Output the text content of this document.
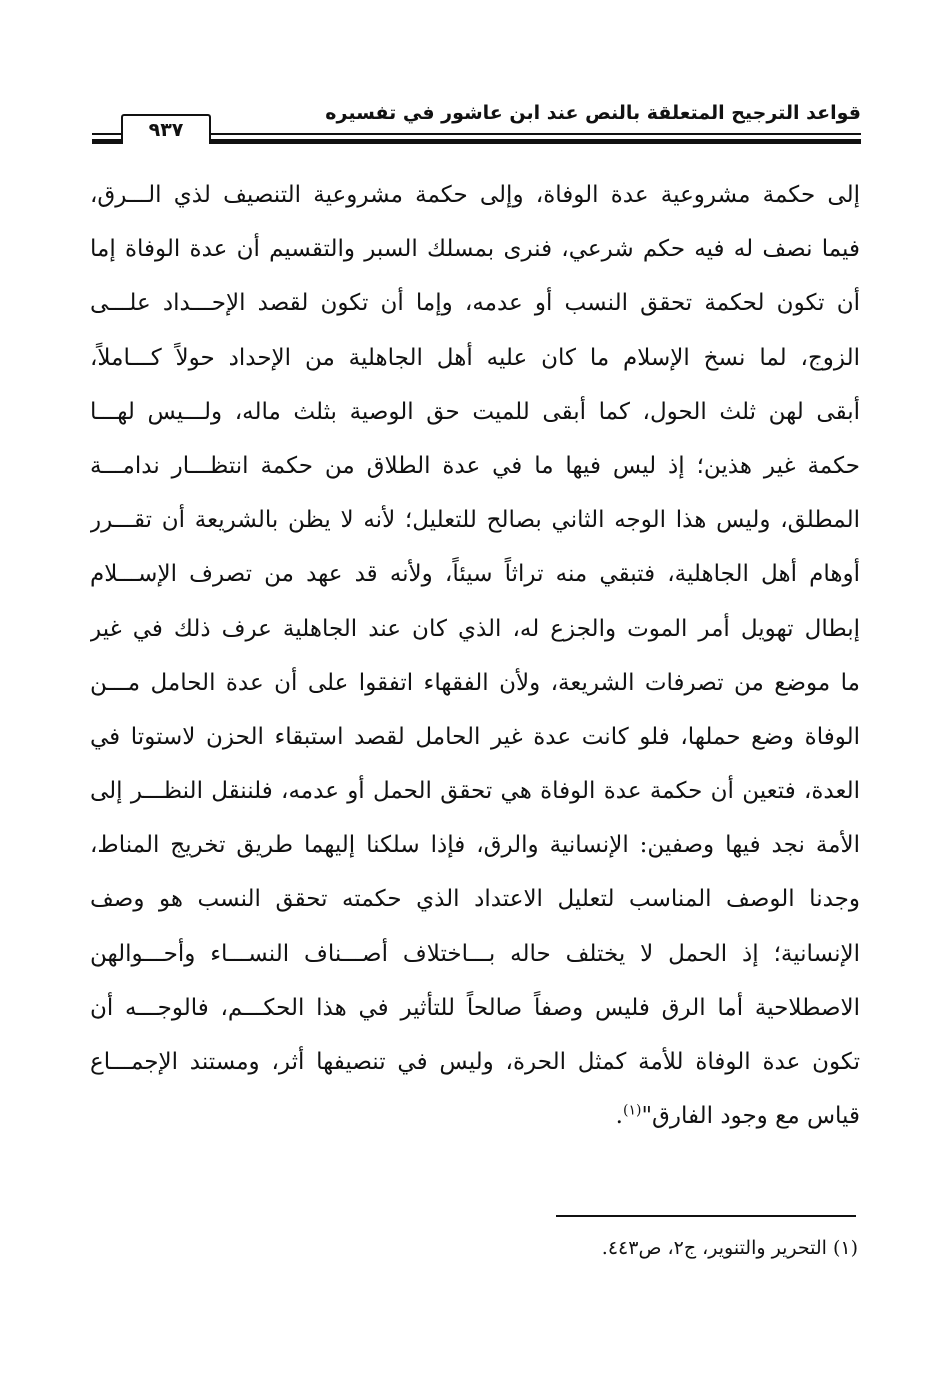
قواعد الترجيح المتعلقة بالنص عند ابن عاشور في تفسيره
٩٣٧
إلى حكمة مشروعية عدة الوفاة، وإلى حكمة مشروعية التنصيف لذي الـــرق،
فيما نصف له فيه حكم شرعي، فنرى بمسلك السبر والتقسيم أن عدة الوفاة إما
أن تكون لحكمة تحقق النسب أو عدمه، وإما أن تكون لقصد الإحـــداد علـــى
الزوج، لما نسخ الإسلام ما كان عليه أهل الجاهلية من الإحداد حولاً كـــاملاً،
أبقى لهن ثلث الحول، كما أبقى للميت حق الوصية بثلث ماله، ولـــيس لهـــا
حكمة غير هذين؛ إذ ليس فيها ما في عدة الطلاق من حكمة انتظـــار ندامـــة
المطلق، وليس هذا الوجه الثاني بصالح للتعليل؛ لأنه لا يظن بالشريعة أن تقـــرر
أوهام أهل الجاهلية، فتبقي منه تراثاً سيئاً، ولأنه قد عهد من تصرف الإســـلام
إبطال تهويل أمر الموت والجزع له، الذي كان عند الجاهلية عرف ذلك في غير
ما موضع من تصرفات الشريعة، ولأن الفقهاء اتفقوا على أن عدة الحامل مـــن
الوفاة وضع حملها، فلو كانت عدة غير الحامل لقصد استبقاء الحزن لاستوتا في
العدة، فتعين أن حكمة عدة الوفاة هي تحقق الحمل أو عدمه، فلننقل النظـــر إلى
الأمة نجد فيها وصفين: الإنسانية والرق، فإذا سلكنا إليهما طريق تخريج المناط،
وجدنا الوصف المناسب لتعليل الاعتداد الذي حكمته تحقق النسب هو وصف
الإنسانية؛ إذ الحمل لا يختلف حاله بـــاختلاف أصـــناف النســـاء وأحـــوالهن
الاصطلاحية أما الرق فليس وصفاً صالحاً للتأثير في هذا الحكـــم، فالوجـــه أن
تكون عدة الوفاة للأمة كمثل الحرة، وليس في تنصيفها أثر، ومستند الإجمـــاع
قياس مع وجود الفارق"$^{(١)}$.
(١) التحرير والتنوير، ج٢، ص٤٤٣.
